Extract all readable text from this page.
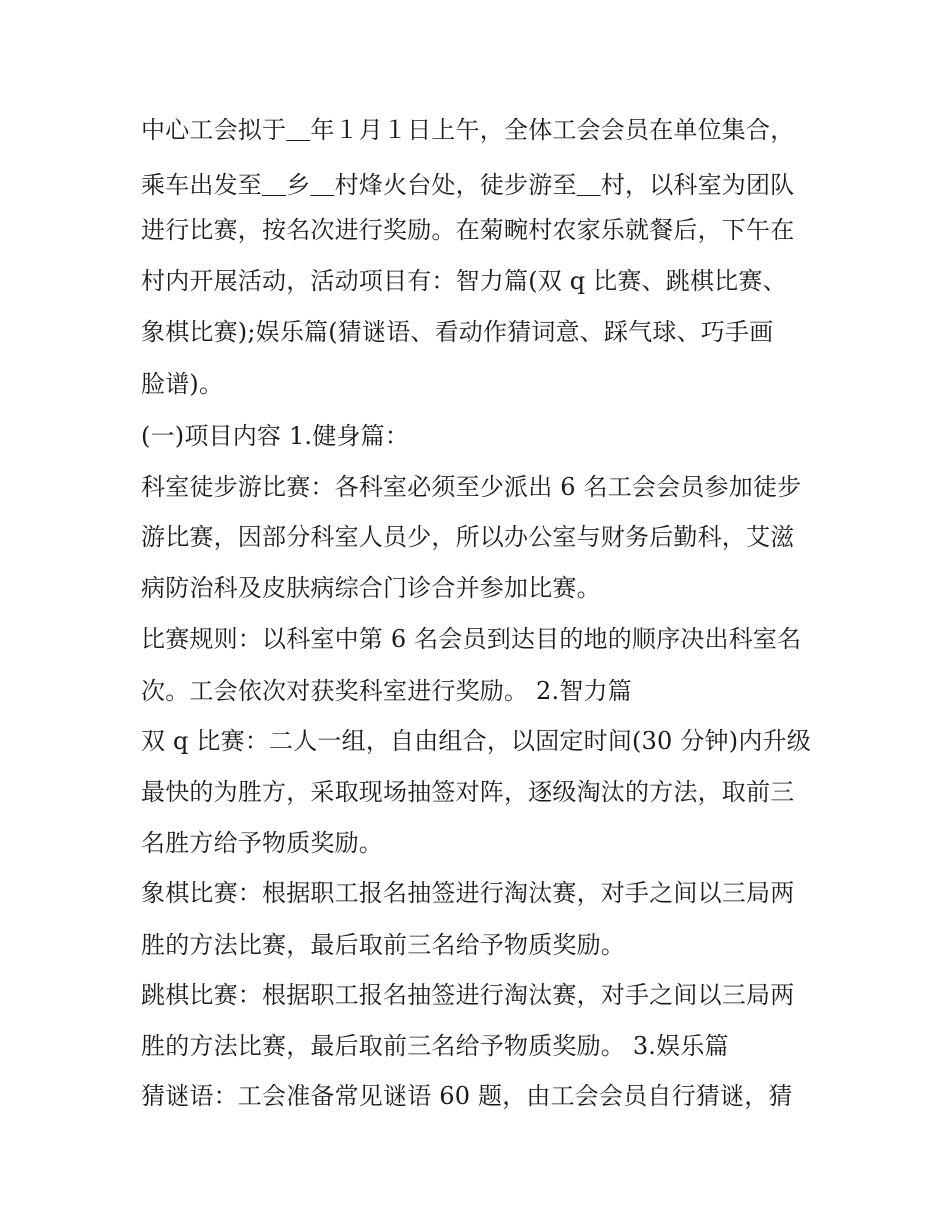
中心工会拟于＿年１月１日上午，全体工会会员在单位集合，
乘车出发至＿乡＿村烽火台处，徒步游至＿村，以科室为团队
进行比赛，按名次进行奖励。在菊畹村农家乐就餐后，下午在
村内开展活动，活动项目有：智力篇(双 q 比赛、跳棋比赛、
象棋比赛);娱乐篇(猜谜语、看动作猜词意、踩气球、巧手画
脸谱)。
(一)项目内容 1.健身篇：
科室徒步游比赛：各科室必须至少派出 6 名工会会员参加徒步
游比赛，因部分科室人员少，所以办公室与财务后勤科，艾滋
病防治科及皮肤病综合门诊合并参加比赛。
比赛规则：以科室中第 6 名会员到达目的地的顺序决出科室名
次。工会依次对获奖科室进行奖励。 2.智力篇
双 q 比赛：二人一组，自由组合，以固定时间(30 分钟)内升级
最快的为胜方，采取现场抽签对阵，逐级淘汰的方法，取前三
名胜方给予物质奖励。
象棋比赛：根据职工报名抽签进行淘汰赛，对手之间以三局两
胜的方法比赛，最后取前三名给予物质奖励。
跳棋比赛：根据职工报名抽签进行淘汰赛，对手之间以三局两
胜的方法比赛，最后取前三名给予物质奖励。 3.娱乐篇
猜谜语：工会准备常见谜语 60 题，由工会会员自行猜谜，猜
